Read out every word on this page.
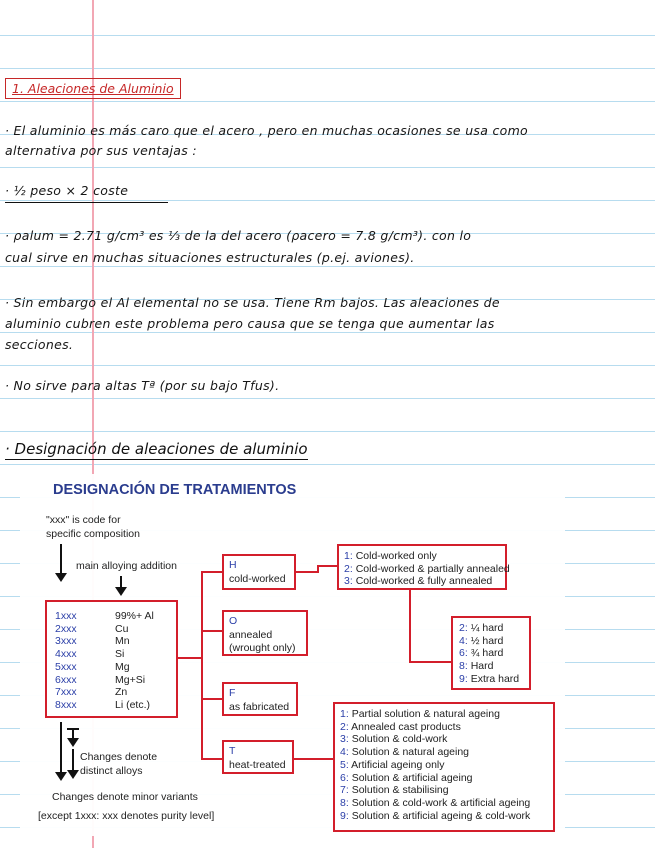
1. Aleaciones de Aluminio
· El aluminio es más caro que el acero , pero en muchas ocasiones se usa como
alternativa por sus ventajas :
· ½ peso × 2 coste
· ρalum = 2.71 g/cm³ es ⅓ de la del acero (ρacero = 7.8 g/cm³). con lo
cual sirve en muchas situaciones estructurales (p.ej. aviones).
· Sin embargo el Al elemental no se usa. Tiene Rm bajos. Las aleaciones de
aluminio cubren este problema pero causa que se tenga que aumentar las
secciones.
· No sirve para altas Tª (por su bajo Tfus).
· Designación de aleaciones de aluminio
DESIGNACIÓN DE TRATAMIENTOS
"xxx" is code for
specific composition
main alloying addition
1xxx	99%+ Al
2xxx	Cu
3xxx	Mn
4xxx	Si
5xxx	Mg
6xxx	Mg+Si
7xxx	Zn
8xxx	Li (etc.)
Changes denote
distinct alloys
Changes denote minor variants
[except 1xxx: xxx denotes purity level]
H
cold-worked
O
annealed
(wrought only)
F
as fabricated
T
heat-treated
1: Cold-worked only
2: Cold-worked & partially annealed
3: Cold-worked & fully annealed
2: ¼ hard
4: ½ hard
6: ¾ hard
8: Hard
9: Extra hard
1: Partial solution & natural ageing
2: Annealed cast products
3: Solution & cold-work
4: Solution & natural ageing
5: Artificial ageing only
6: Solution & artificial ageing
7: Solution & stabilising
8: Solution & cold-work & artificial ageing
9: Solution & artificial ageing & cold-work
